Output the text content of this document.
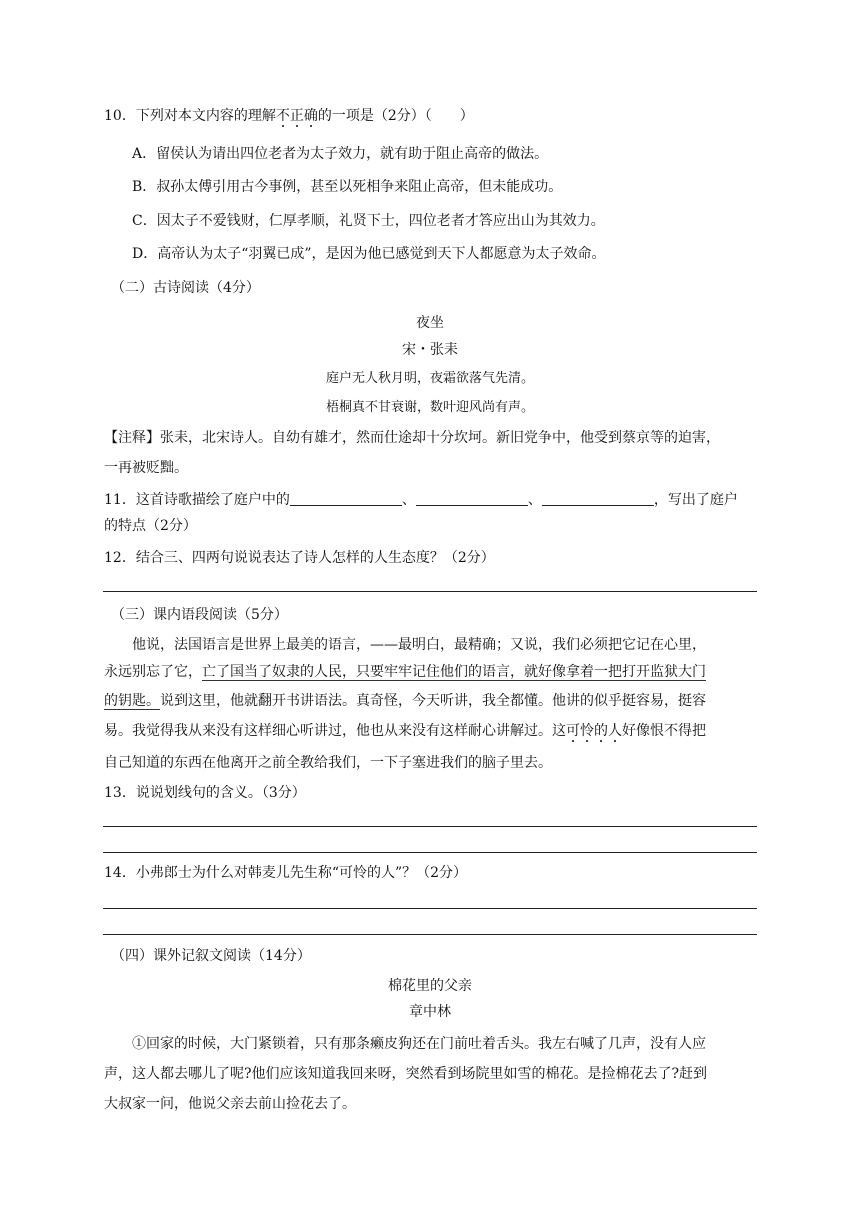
10．下列对本文内容的理解不正确的一项是（2分）（　　）
A．留侯认为请出四位老者为太子效力，就有助于阻止高帝的做法。
B．叔孙太傅引用古今事例，甚至以死相争来阻止高帝，但未能成功。
C．因太子不爱钱财，仁厚孝顺，礼贤下士，四位老者才答应出山为其效力。
D．高帝认为太子“羽翼已成”，是因为他已感觉到天下人都愿意为太子效命。
（二）古诗阅读（4分）
夜坐
宋・张耒
庭户无人秋月明，夜霜欲落气先清。
梧桐真不甘衰谢，数叶迎风尚有声。
【注释】张耒，北宋诗人。自幼有雄才，然而仕途却十分坎坷。新旧党争中，他受到蔡京等的迫害，
一再被贬黜。
11．这首诗歌描绘了庭户中的	、	、	，写出了庭户
的特点（2分）
12．结合三、四两句说说表达了诗人怎样的人生态度？（2分）
（三）课内语段阅读（5分）
他说，法国语言是世界上最美的语言，——最明白，最精确；又说，我们必须把它记在心里，
永远别忘了它，亡了国当了奴隶的人民，只要牢牢记住他们的语言，就好像拿着一把打开监狱大门
的钥匙。说到这里，他就翻开书讲语法。真奇怪，今天听讲，我全都懂。他讲的似乎挺容易，挺容
易。我觉得我从来没有这样细心听讲过，他也从来没有这样耐心讲解过。这可怜的人好像恨不得把
自己知道的东西在他离开之前全教给我们，一下子塞进我们的脑子里去。
13．说说划线句的含义。（3分）
14．小弗郎士为什么对韩麦儿先生称“可怜的人”？（2分）
（四）课外记叙文阅读（14分）
棉花里的父亲
章中林
①回家的时候，大门紧锁着，只有那条癞皮狗还在门前吐着舌头。我左右喊了几声，没有人应
声，这人都去哪儿了呢?他们应该知道我回来呀，突然看到场院里如雪的棉花。是捡棉花去了?赶到
大叔家一问，他说父亲去前山捡花去了。
